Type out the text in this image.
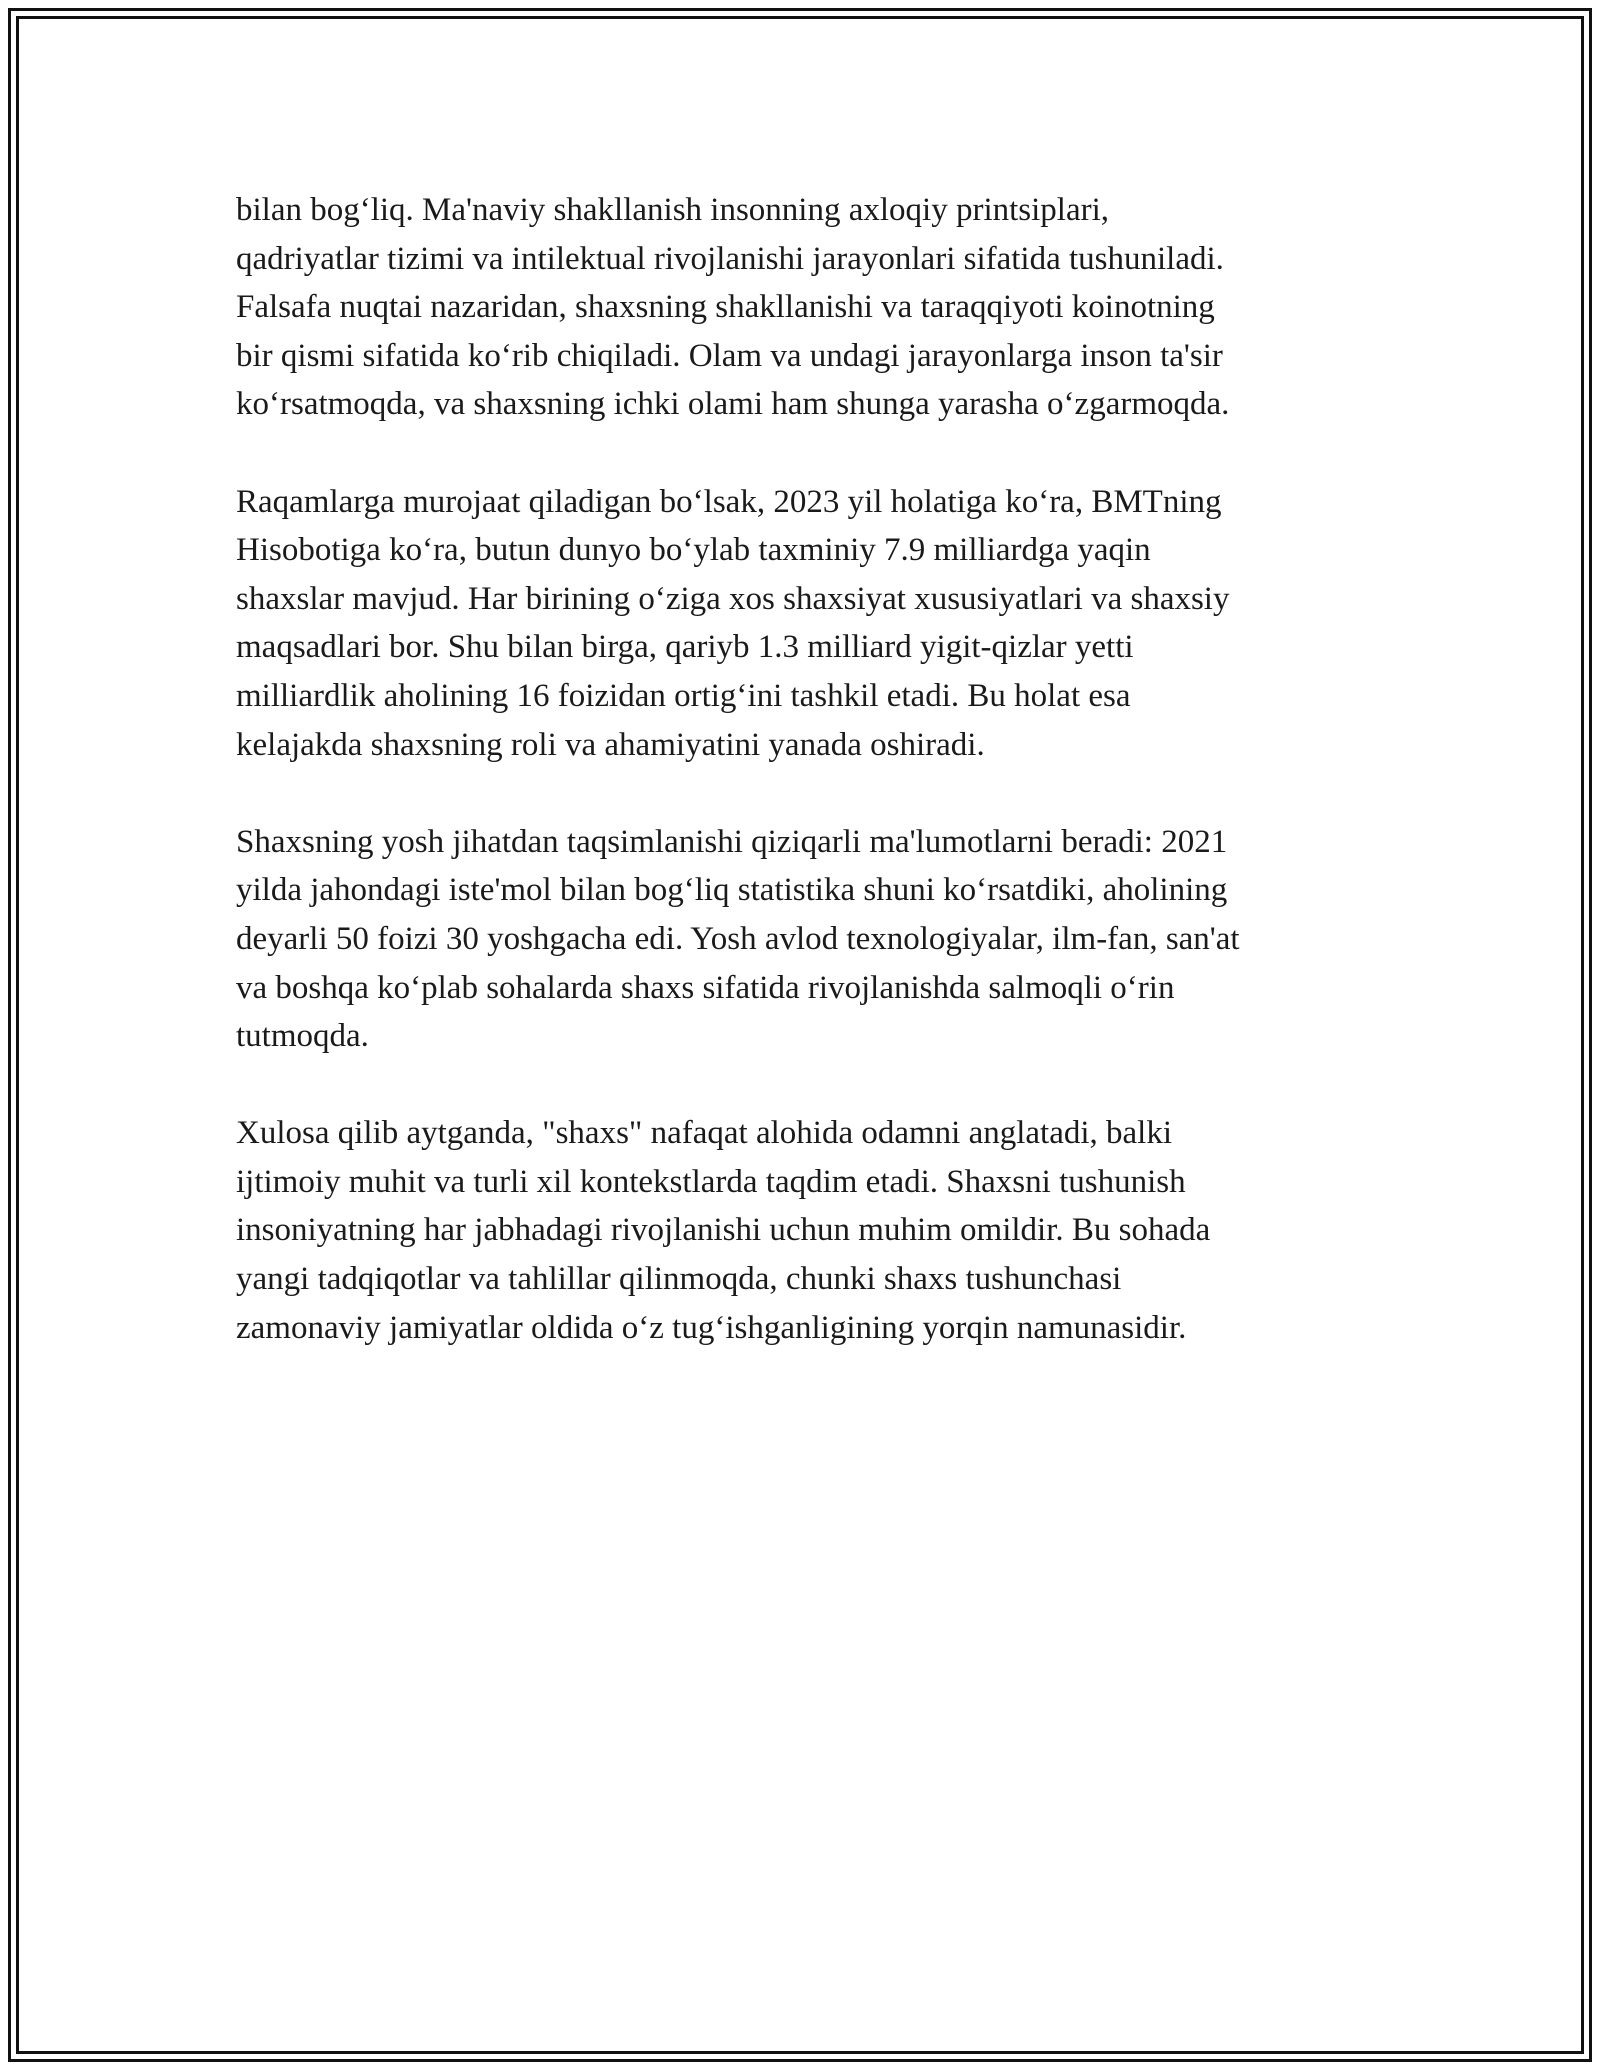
bilan bog‘liq. Ma'naviy shakllanish insonning axloqiy printsiplari,
qadriyatlar tizimi va intilektual rivojlanishi jarayonlari sifatida tushuniladi.
Falsafa nuqtai nazaridan, shaxsning shakllanishi va taraqqiyoti koinotning
bir qismi sifatida ko‘rib chiqiladi. Olam va undagi jarayonlarga inson ta'sir
ko‘rsatmoqda, va shaxsning ichki olami ham shunga yarasha o‘zgarmoqda.

Raqamlarga murojaat qiladigan bo‘lsak, 2023 yil holatiga ko‘ra, BMTning
Hisobotiga ko‘ra, butun dunyo bo‘ylab taxminiy 7.9 milliardga yaqin
shaxslar mavjud. Har birining o‘ziga xos shaxsiyat xususiyatlari va shaxsiy
maqsadlari bor. Shu bilan birga, qariyb 1.3 milliard yigit-qizlar yetti
milliardlik aholining 16 foizidan ortig‘ini tashkil etadi. Bu holat esa
kelajakda shaxsning roli va ahamiyatini yanada oshiradi.

Shaxsning yosh jihatdan taqsimlanishi qiziqarli ma'lumotlarni beradi: 2021
yilda jahondagi iste'mol bilan bog‘liq statistika shuni ko‘rsatdiki, aholining
deyarli 50 foizi 30 yoshgacha edi. Yosh avlod texnologiyalar, ilm-fan, san'at
va boshqa ko‘plab sohalarda shaxs sifatida rivojlanishda salmoqli o‘rin
tutmoqda.

Xulosa qilib aytganda, "shaxs" nafaqat alohida odamni anglatadi, balki
ijtimoiy muhit va turli xil kontekstlarda taqdim etadi. Shaxsni tushunish
insoniyatning har jabhadagi rivojlanishi uchun muhim omildir. Bu sohada
yangi tadqiqotlar va tahlillar qilinmoqda, chunki shaxs tushunchasi
zamonaviy jamiyatlar oldida o‘z tug‘ishganligining yorqin namunasidir.
